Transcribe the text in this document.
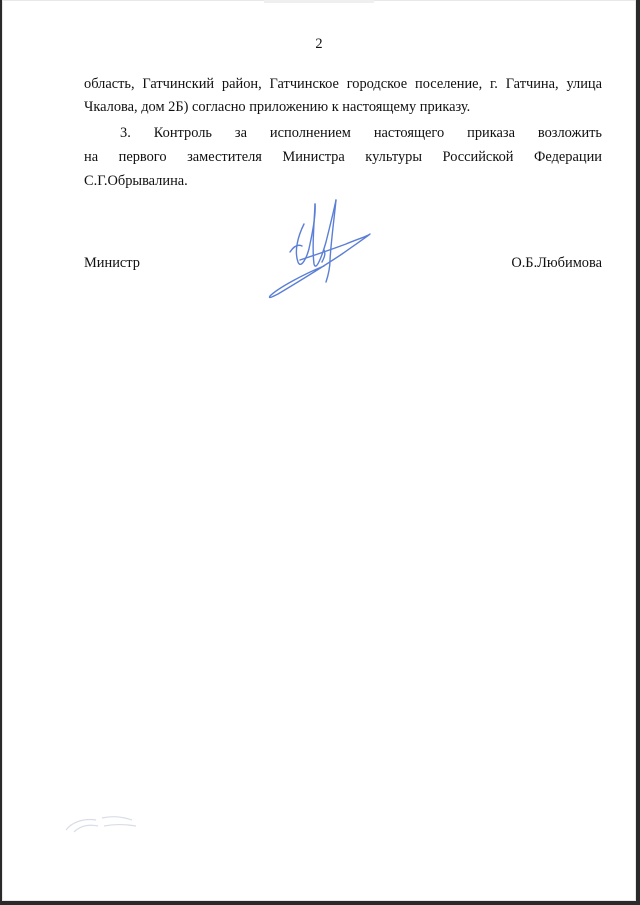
2
область, Гатчинский район, Гатчинское городское поселение, г. Гатчина, улица
Чкалова, дом 2Б) согласно приложению к настоящему приказу.
3. Контроль за исполнением настоящего приказа возложить
на первого заместителя Министра культуры Российской Федерации
С.Г.Обрывалина.
Министр	О.Б.Любимова
